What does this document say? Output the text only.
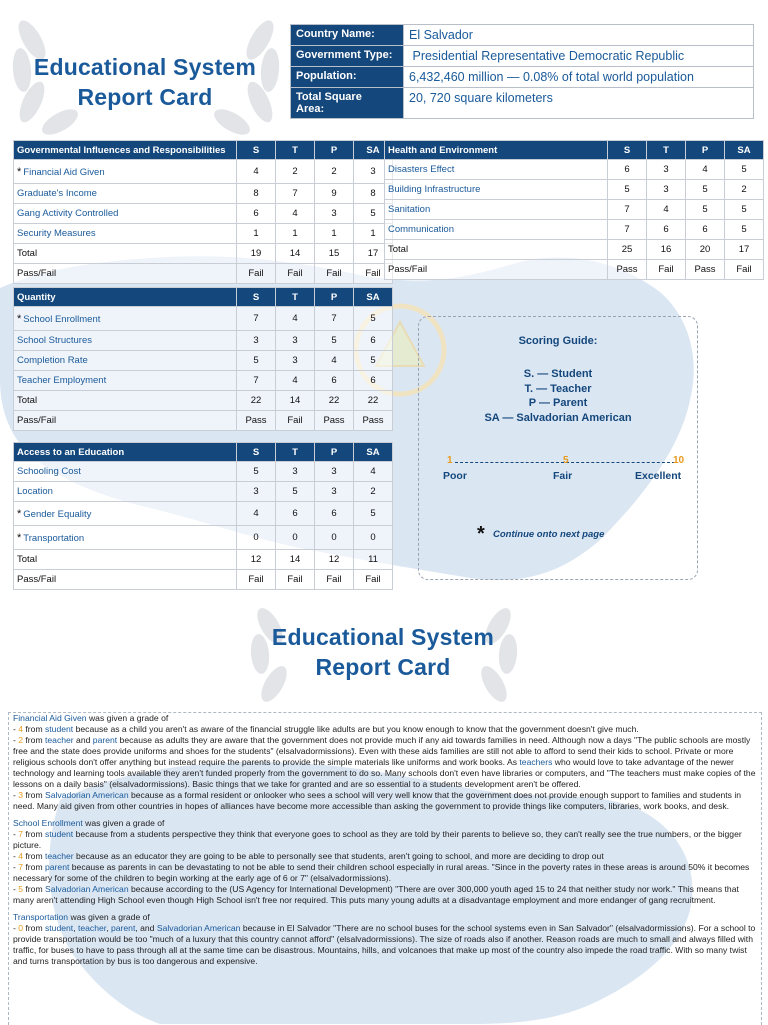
Educational System
Report Card
Country Name:	El Salvador
Government Type:	Presidential Representative Democratic Republic
Population:	6,432,460 million — 0.08% of total world population
Total Square
Area:	20, 720 square kilometers
Governmental Influences and Responsibilities	S	T	P	SA
* Financial Aid Given	4	2	2	3
Graduate's Income	8	7	9	8
Gang Activity Controlled	6	4	3	5
Security Measures	1	1	1	1
Total	19	14	15	17
Pass/Fail	Fail	Fail	Fail	Fail
Health and Environment	S	T	P	SA
Disasters Effect	6	3	4	5
Building Infrastructure	5	3	5	2
Sanitation	7	4	5	5
Communication	7	6	6	5
Total	25	16	20	17
Pass/Fail	Pass	Fail	Pass	Fail
Quantity	S	T	P	SA
* School Enrollment	7	4	7	5
School Structures	3	3	5	6
Completion Rate	5	3	4	5
Teacher Employment	7	4	6	6
Total	22	14	22	22
Pass/Fail	Pass	Fail	Pass	Pass
Access to an Education	S	T	P	SA
Schooling Cost	5	3	3	4
Location	3	5	3	2
* Gender Equality	4	6	6	5
* Transportation	0	0	0	0
Total	12	14	12	11
Pass/Fail	Fail	Fail	Fail	Fail
Scoring Guide:
S. — Student
T. — Teacher
P — Parent
SA — Salvadorian American
1	5	10
Poor	Fair	Excellent
* Continue onto next page
Educational System
Report Card
Financial Aid Given was given a grade of
- 4 from student because as a child you aren't as aware of the financial struggle like adults are but you know enough to know that the government doesn't give much.
- 2 from teacher and parent because as adults they are aware that the government does not provide much if any aid towards families in need. Although now a days "The public schools are mostly free and the state does provide uniforms and shoes for the students" (elsalvadormissions). Even with these aids families are still not able to afford to send their kids to school. Private or more religious schools don't offer anything but instead require the parents to provide the simple materials like uniforms and work books. As teachers who would love to take advantage of the newer technology and learning tools available they aren't funded properly from the government to do so. Many schools don't even have libraries or computers, and "The teachers must make copies of the lessons on a daily basis" (elsalvadormissions). Basic things that we take for granted and are so essential to a students development aren't be offered.
- 3 from Salvadorian American because as a formal resident or onlooker who sees a school will very well know that the government does not provide enough support to families and students in need. Many aid given from other countries in hopes of alliances have become more accessible than asking the government to provide things like computers, libraries, work books, and desk.
School Enrollment was given a grade of
- 7 from student because from a students perspective they think that everyone goes to school as they are told by their parents to believe so, they can't really see the true numbers, or the bigger picture.
- 4 from teacher because as an educator they are going to be able to personally see that students, aren't going to school, and more are deciding to drop out
- 7 from parent because as parents in can be devastating to not be able to send their children school especially in rural areas. "Since in the poverty rates in these areas is around 50% it becomes necessary for some of the children to begin working at the early age of 6 or 7" (elsalvadormissions).
- 5 from Salvadorian American because according to the (US Agency for International Development) "There are over 300,000 youth aged 15 to 24 that neither study nor work." This means that many aren't attending High School even though High School isn't free nor required. This puts many young adults at a disadvantage employment and more endanger of gang recruitment.
Transportation was given a grade of
- 0 from student, teacher, parent, and Salvadorian American because in El Salvador "There are no school buses for the school systems even in San Salvador" (elsalvadormissions). For a school to provide transportation would be too "much of a luxury that this country cannot afford" (elsalvadormissions). The size of roads also if another. Reason roads are much to small and always filled with traffic, for buses to have to pass through all at the same time can be disastrous. Mountains, hills, and volcanoes that make up most of the country also impede the road traffic. With so many twist and turns transportation by bus is too dangerous and expensive.
